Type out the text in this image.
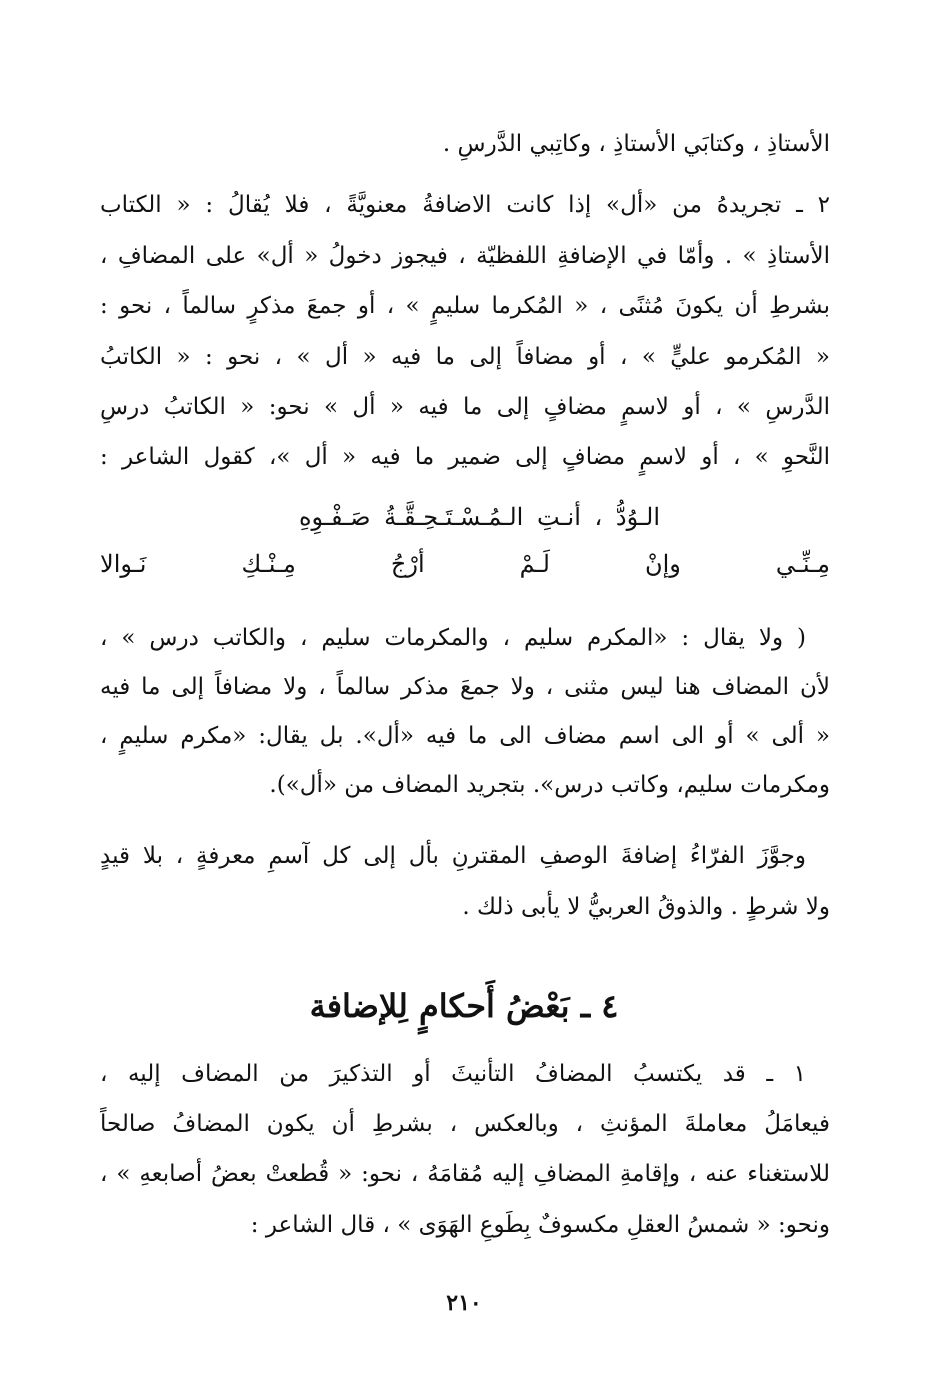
الأستاذِ ، وكتابَي الأستاذِ ، وكاتِبي الدَّرسِ .
٢ ـ تجريدهُ من «أل» إذا كانت الاضافةُ معنويَّةً ، فلا يُقالُ : « الكتاب
الأستاذِ » . وأمّا في الإضافةِ اللفظيّة ، فيجوز دخولُ « أل» على المضافِ ،
بشرطِ أن يكونَ مُثنًى ، « المُكرما سليمٍ » ، أو جمعَ مذكرٍ سالماً ، نحو :
« المُكرمو عليٍّ » ، أو مضافاً إلى ما فيه « أل » ، نحو : « الكاتبُ
الدَّرسِ » ، أو لاسمٍ مضافٍ إلى ما فيه « أل » نحو: « الكاتبُ درسِ
النَّحوِ » ، أو لاسمٍ مضافٍ إلى ضمير ما فيه « أل »، كقول الشاعر :
الـوُدُّ ، أنـتِ الـمُـسْـتَـحِـقَّـةُ صَـفْـوِهِ
مِـنِّـي وإنْ لَـمْ أرْجُ مِـنْـكِ نَـوالا
( ولا يقال : «المكرم سليم ، والمكرمات سليم ، والكاتب درس » ،
لأن المضاف هنا ليس مثنى ، ولا جمعَ مذكر سالماً ، ولا مضافاً إلى ما فيه
« ألى » أو الى اسم مضاف الى ما فيه «أل». بل يقال: «مكرم سليمٍ ،
ومكرمات سليم، وكاتب درس». بتجريد المضاف من «أل»).
وجوَّزَ الفرّاءُ إضافةَ الوصفِ المقترنِ بأل إلى كل آسمِ معرفةٍ ، بلا قيدٍ
ولا شرطٍ . والذوقُ العربيُّ لا يأبى ذلك .
٤ ـ بَعْضُ أَحكامٍ لِلإضافة
١ ـ قد يكتسبُ المضافُ التأنيثَ أو التذكيرَ من المضاف إليه ،
فيعامَلُ معاملةَ المؤنثِ ، وبالعكس ، بشرطِ أن يكون المضافُ صالحاً
للاستغناء عنه ، وإقامةِ المضافِ إليه مُقامَهُ ، نحو: « قُطعتْ بعضُ أصابعهِ » ،
ونحو: « شمسُ العقلِ مكسوفٌ بِطَوعِ الهَوَى » ، قال الشاعر :
٢١٠
